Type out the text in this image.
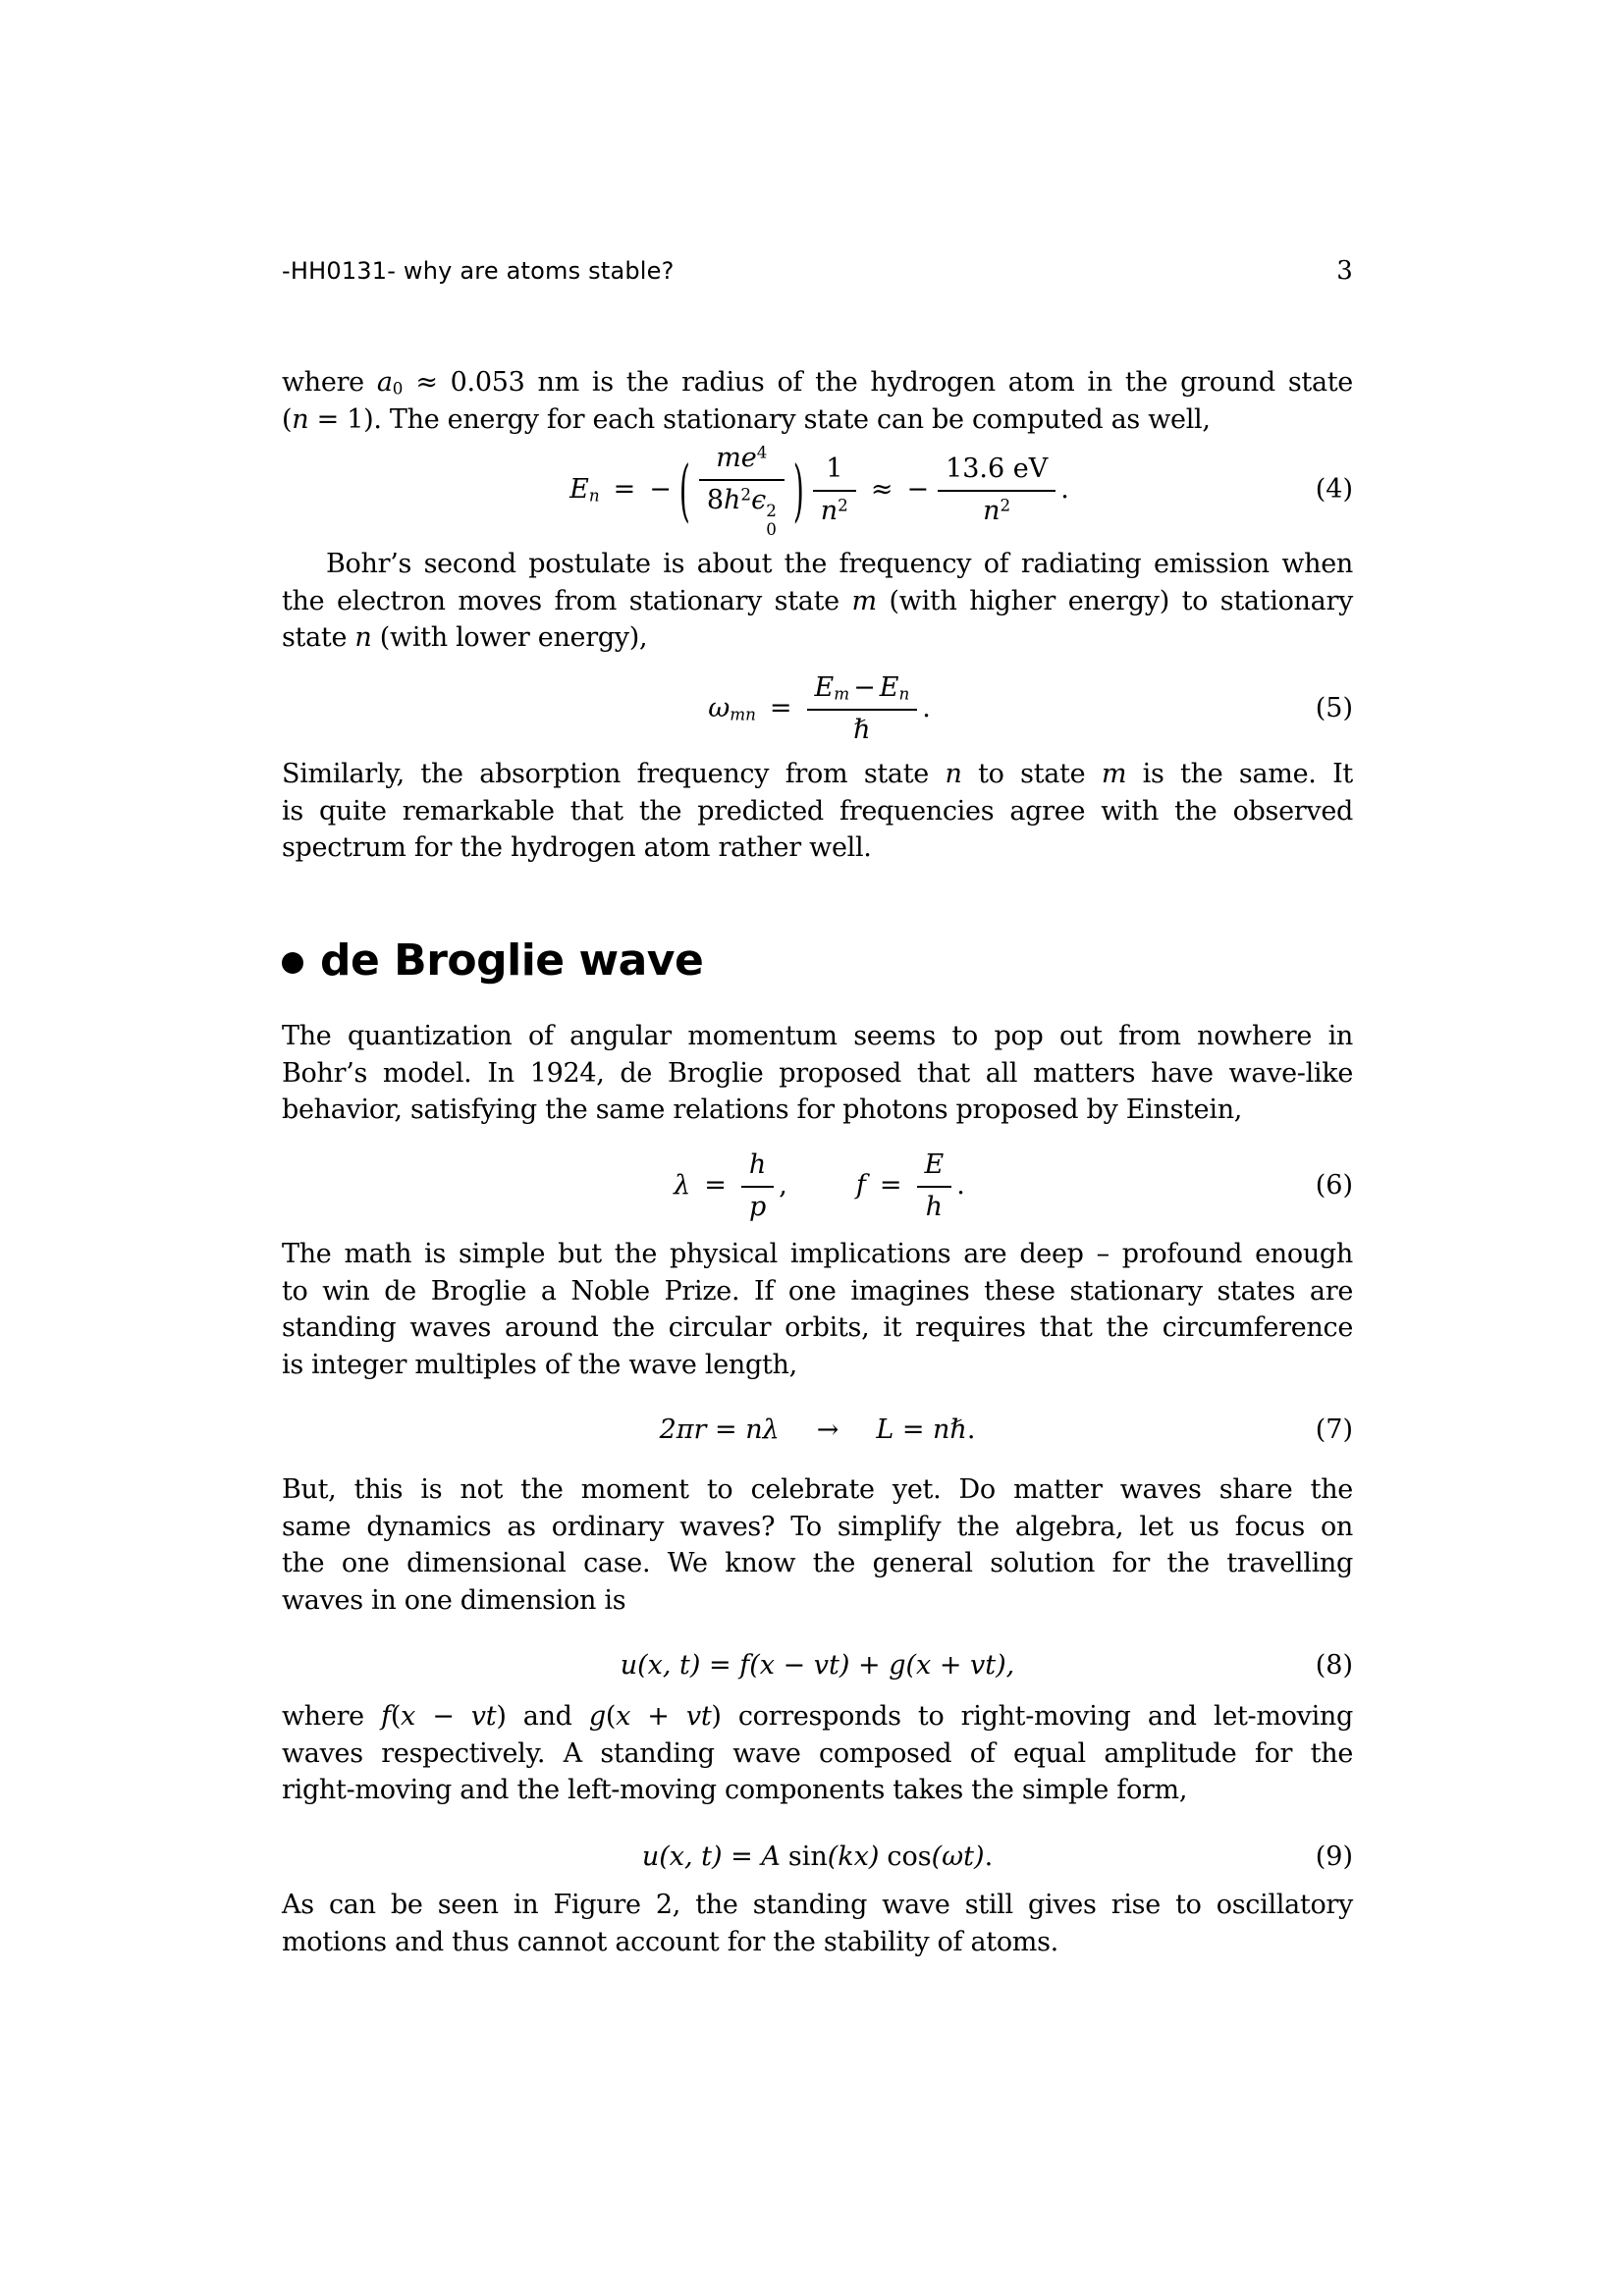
-HH0131- why are atoms stable?	3
where $a_0 \approx 0.053$ nm is the radius of the hydrogen atom in the ground state
(n = 1). The energy for each stationary state can be computed as well,
$E_n$ = − ( $me^4$
$8h^2\epsilon$ 2
0 ) $\frac{1}{n^2}$ ≈ − $\frac{13.6 eV}{n^2}$ .	(4)
Bohr’s second postulate is about the frequency of radiating emission when
the electron moves from stationary state m (with higher energy) to stationary
state n (with lower energy),
$\omega_{mn} = \frac{E_m - E_n}{\text{ℏ}}$ .	(5)
Similarly, the absorption frequency from state n to state m is the same. It
is quite remarkable that the predicted frequencies agree with the observed
spectrum for the hydrogen atom rather well.
de Broglie wave
The quantization of angular momentum seems to pop out from nowhere in
Bohr’s model. In 1924, de Broglie proposed that all matters have wave-like
behavior, satisfying the same relations for photons proposed by Einstein,
$\lambda = \frac{h}{p}$ ,	$f = \frac{E}{h}$ .	(6)
The math is simple but the physical implications are deep – profound enough
to win de Broglie a Noble Prize. If one imagines these stationary states are
standing waves around the circular orbits, it requires that the circumference
is integer multiples of the wave length,
2πr = nλ → L = nℏ .	(7)
But, this is not the moment to celebrate yet. Do matter waves share the
same dynamics as ordinary waves? To simplify the algebra, let us focus on
the one dimensional case. We know the general solution for the travelling
waves in one dimension is
u(x, t) = f(x − vt) + g(x + vt),	(8)
where f(x − vt) and g(x + vt) corresponds to right-moving and let-moving
waves respectively. A standing wave composed of equal amplitude for the
right-moving and the left-moving components takes the simple form,
u(x, t) = A sin (kx) cos (ωt) .	(9)
As can be seen in Figure 2, the standing wave still gives rise to oscillatory
motions and thus cannot account for the stability of atoms.
